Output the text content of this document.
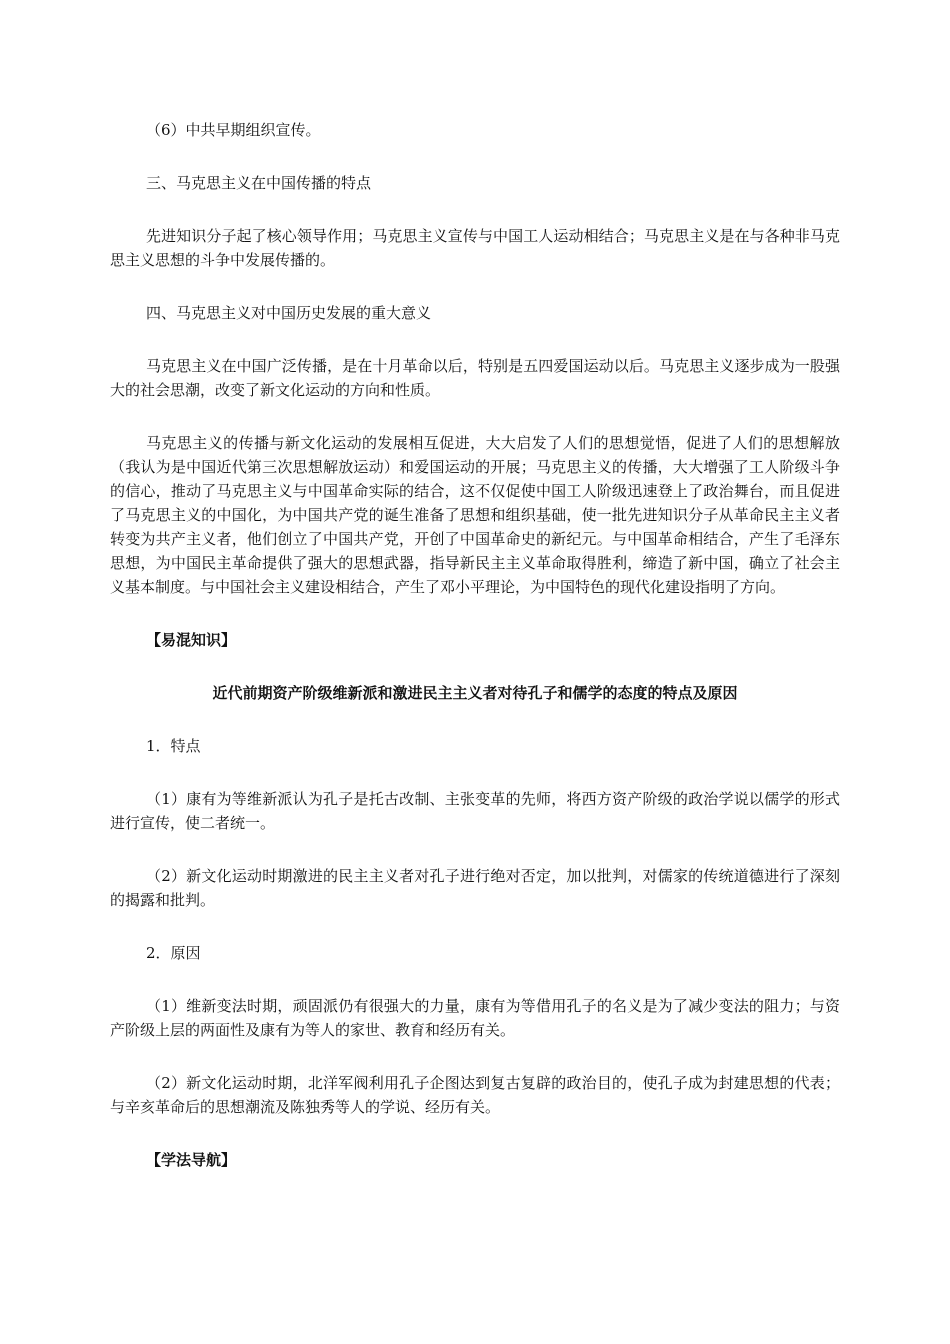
（6）中共早期组织宣传。

三、马克思主义在中国传播的特点

先进知识分子起了核心领导作用；马克思主义宣传与中国工人运动相结合；马克思主义是在与各种非马克思主义思想的斗争中发展传播的。

四、马克思主义对中国历史发展的重大意义

马克思主义在中国广泛传播，是在十月革命以后，特别是五四爱国运动以后。马克思主义逐步成为一股强大的社会思潮，改变了新文化运动的方向和性质。

马克思主义的传播与新文化运动的发展相互促进，大大启发了人们的思想觉悟，促进了人们的思想解放（我认为是中国近代第三次思想解放运动）和爱国运动的开展；马克思主义的传播，大大增强了工人阶级斗争的信心，推动了马克思主义与中国革命实际的结合，这不仅促使中国工人阶级迅速登上了政治舞台，而且促进了马克思主义的中国化，为中国共产党的诞生准备了思想和组织基础，使一批先进知识分子从革命民主主义者转变为共产主义者，他们创立了中国共产党，开创了中国革命史的新纪元。与中国革命相结合，产生了毛泽东思想，为中国民主革命提供了强大的思想武器，指导新民主主义革命取得胜利，缔造了新中国，确立了社会主义基本制度。与中国社会主义建设相结合，产生了邓小平理论，为中国特色的现代化建设指明了方向。

【易混知识】

近代前期资产阶级维新派和激进民主主义者对待孔子和儒学的态度的特点及原因

1．特点

（1）康有为等维新派认为孔子是托古改制、主张变革的先师，将西方资产阶级的政治学说以儒学的形式进行宣传，使二者统一。

（2）新文化运动时期激进的民主主义者对孔子进行绝对否定，加以批判，对儒家的传统道德进行了深刻的揭露和批判。

2．原因

（1）维新变法时期，顽固派仍有很强大的力量，康有为等借用孔子的名义是为了减少变法的阻力；与资产阶级上层的两面性及康有为等人的家世、教育和经历有关。

（2）新文化运动时期，北洋军阀利用孔子企图达到复古复辟的政治目的，使孔子成为封建思想的代表；与辛亥革命后的思想潮流及陈独秀等人的学说、经历有关。

【学法导航】
